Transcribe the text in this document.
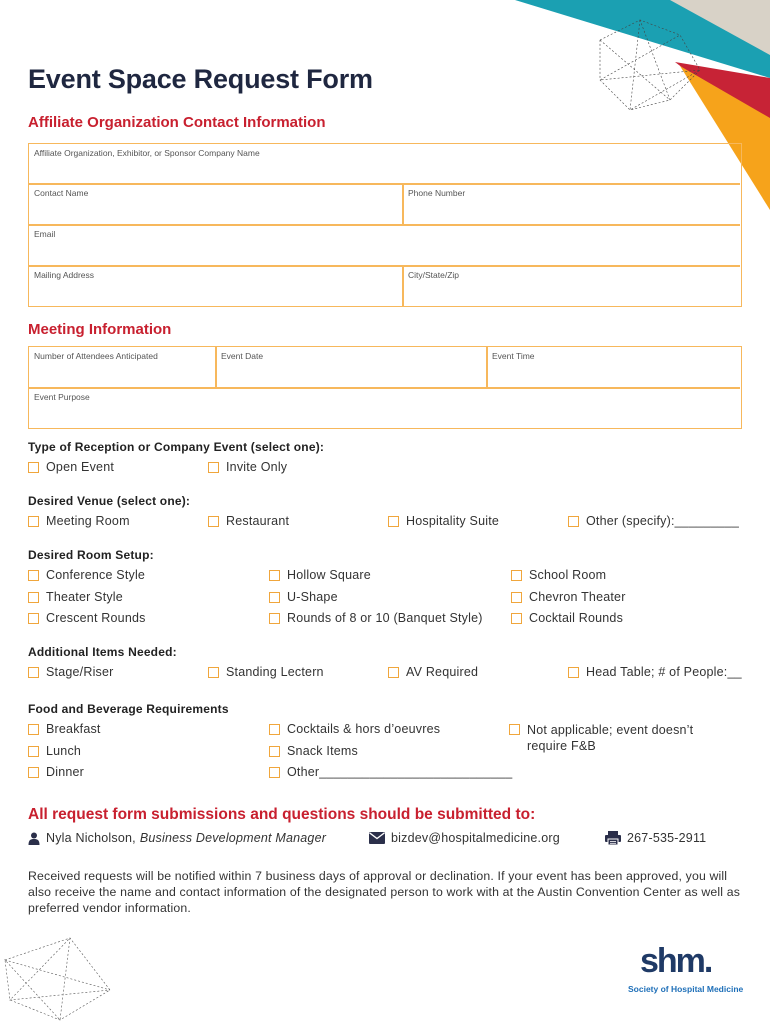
Event Space Request Form
Affiliate Organization Contact Information
Affiliate Organization, Exhibitor, or Sponsor Company Name
Contact Name	Phone Number
Email
Mailing Address	City/State/Zip
Meeting Information
Number of Attendees Anticipated	Event Date	Event Time
Event Purpose
Type of Reception or Company Event (select one):
Open Event	Invite Only
Desired Venue (select one):
Meeting Room	Restaurant	Hospitality Suite	Other (specify):_________
Desired Room Setup:
Conference Style	Hollow Square	School Room
Theater Style	U-Shape	Chevron Theater
Crescent Rounds	Rounds of 8 or 10 (Banquet Style)	Cocktail Rounds
Additional Items Needed:
Stage/Riser	Standing Lectern	AV Required	Head Table; # of People:__
Food and Beverage Requirements
Breakfast	Cocktails & hors d’oeuvres	Not applicable; event doesn’t require F&B
Lunch	Snack Items
Dinner	Other___________________________
All request form submissions and questions should be submitted to:
Nyla Nicholson, Business Development Manager	bizdev@hospitalmedicine.org	267-535-2911
Received requests will be notified within 7 business days of approval or declination. If your event has been approved, you will also receive the name and contact information of the designated person to work with at the Austin Convention Center as well as preferred vendor information.
shm.
Society of Hospital Medicine
